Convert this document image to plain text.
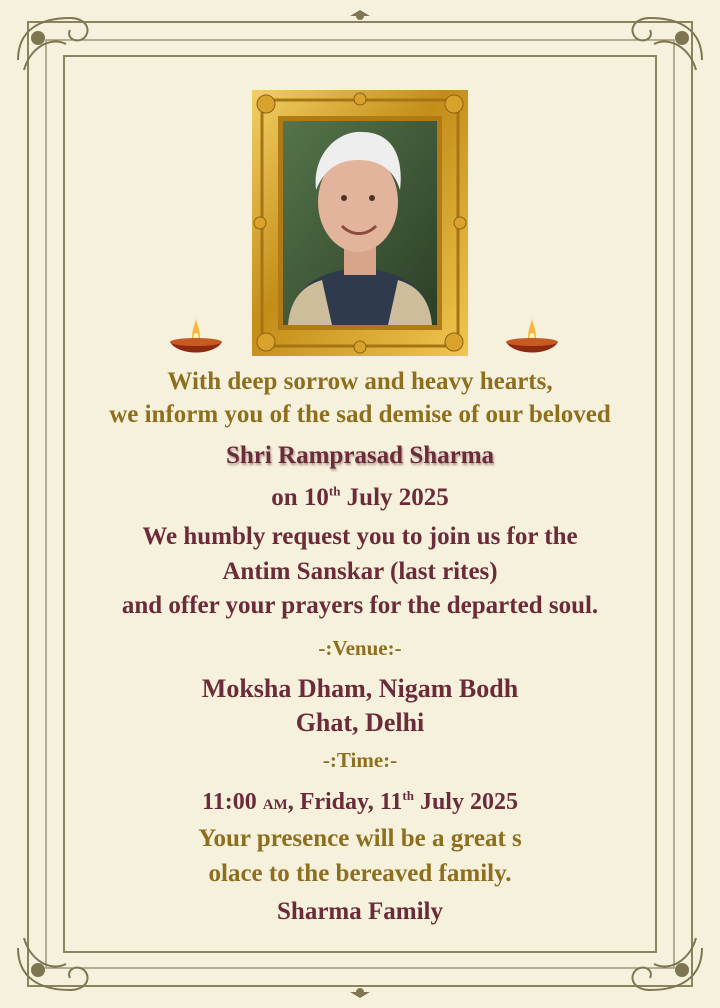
With deep sorrow and heavy hearts,
we inform you of the sad demise of our beloved
Shri Ramprasad Sharma
on 10th July 2025
We humbly request you to join us for the
Antim Sanskar (last rites)
and offer your prayers for the departed soul.
-:Venue:-
Moksha Dham, Nigam Bodh
Ghat, Delhi
-:Time:-
11:00 AM, Friday, 11th July 2025
Your presence will be a great s
olace to the bereaved family.
Sharma Family
